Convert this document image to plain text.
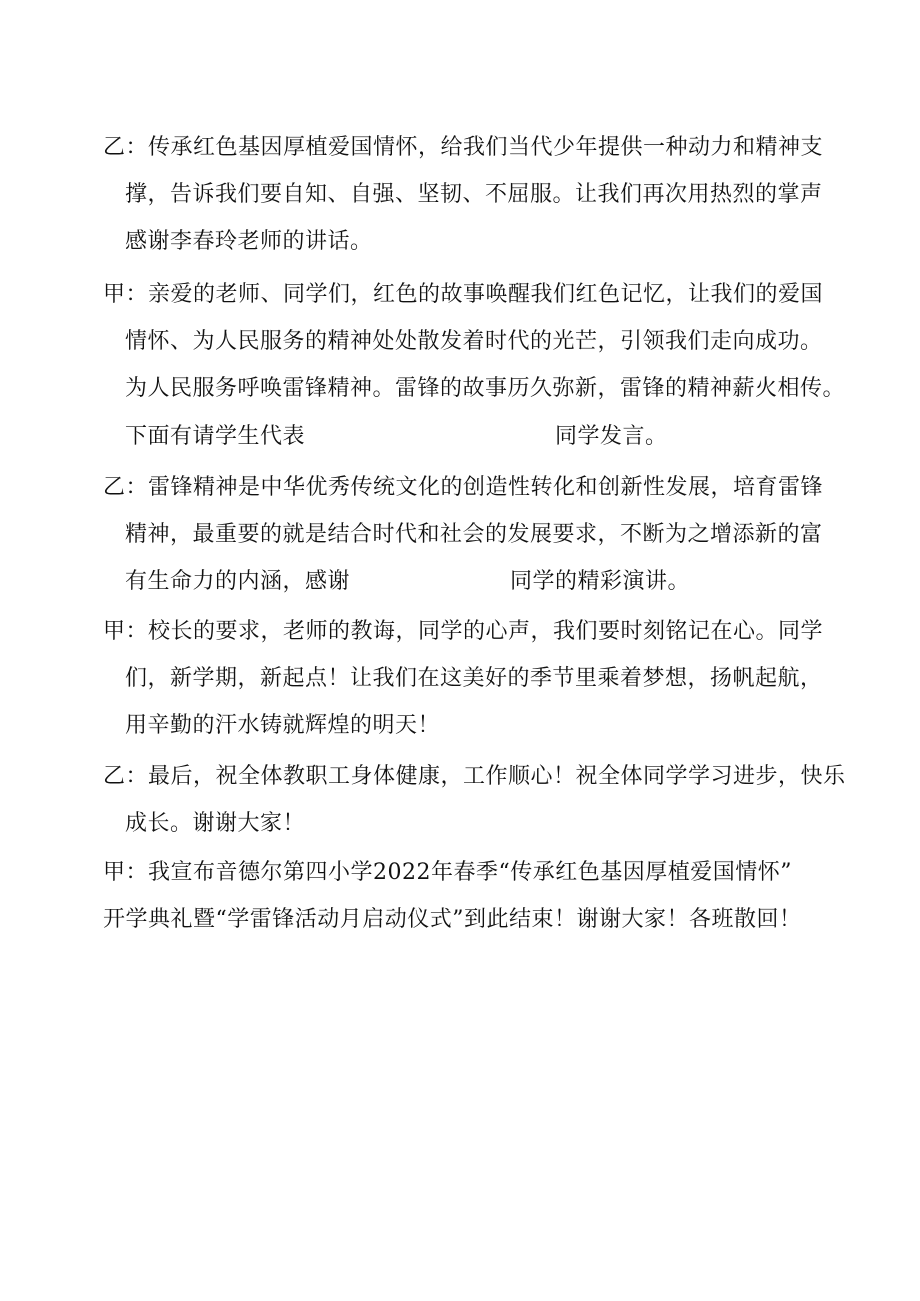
乙：传承红色基因厚植爱国情怀，给我们当代少年提供一种动力和精神支
撑，告诉我们要自知、自强、坚韧、不屈服。让我们再次用热烈的掌声
感谢李春玲老师的讲话。
甲：亲爱的老师、同学们，红色的故事唤醒我们红色记忆，让我们的爱国
情怀、为人民服务的精神处处散发着时代的光芒，引领我们走向成功。
为人民服务呼唤雷锋精神。雷锋的故事历久弥新，雷锋的精神薪火相传。
下面有请学生代表	同学发言。
乙：雷锋精神是中华优秀传统文化的创造性转化和创新性发展，培育雷锋
精神，最重要的就是结合时代和社会的发展要求，不断为之增添新的富
有生命力的内涵，感谢	同学的精彩演讲。
甲：校长的要求，老师的教诲，同学的心声，我们要时刻铭记在心。同学
们，新学期，新起点！让我们在这美好的季节里乘着梦想，扬帆起航，
用辛勤的汗水铸就辉煌的明天！
乙：最后，祝全体教职工身体健康，工作顺心！祝全体同学学习进步，快乐
成长。谢谢大家！
甲：我宣布音德尔第四小学2022年春季“传承红色基因厚植爱国情怀”
开学典礼暨“学雷锋活动月启动仪式”到此结束！谢谢大家！各班散回！
